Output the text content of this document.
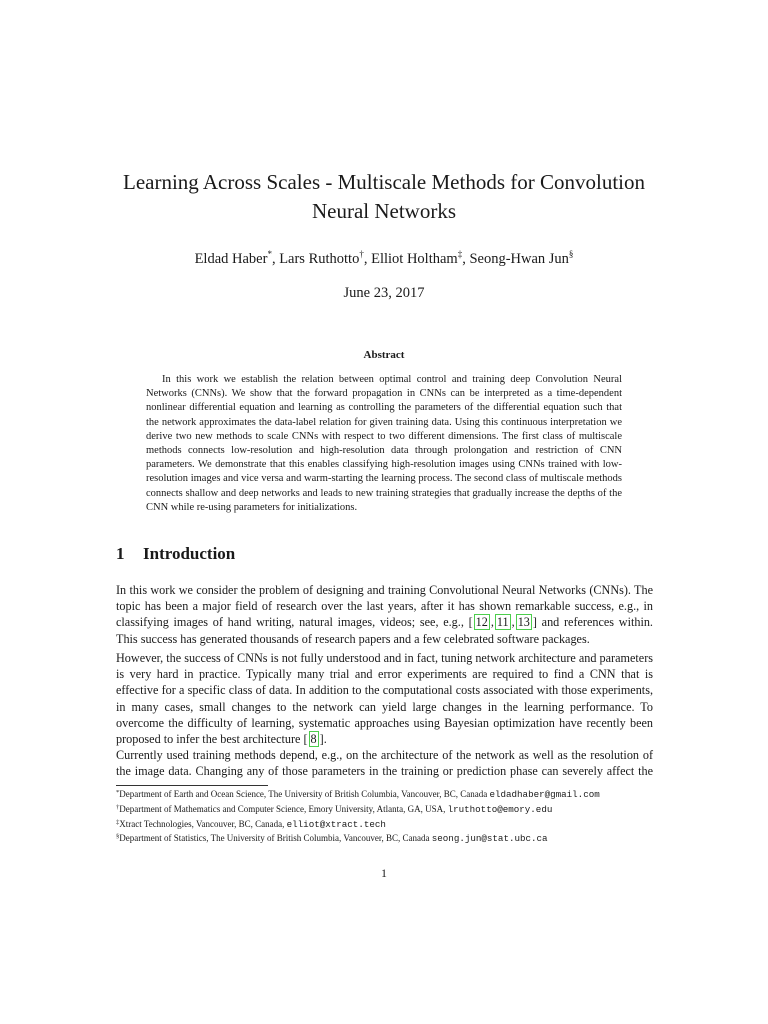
Learning Across Scales - Multiscale Methods for Convolution Neural Networks
Eldad Haber*, Lars Ruthotto†, Elliot Holtham‡, Seong-Hwan Jun§
June 23, 2017
Abstract
In this work we establish the relation between optimal control and training deep Convolution Neural Networks (CNNs). We show that the forward propagation in CNNs can be interpreted as a time-dependent nonlinear differential equation and learning as controlling the parameters of the differential equation such that the network approximates the data-label relation for given training data. Using this continuous interpretation we derive two new methods to scale CNNs with respect to two different dimensions. The first class of multiscale methods connects low-resolution and high-resolution data through prolongation and restriction of CNN parameters. We demonstrate that this enables classifying high-resolution images using CNNs trained with low-resolution images and vice versa and warm-starting the learning process. The second class of multiscale methods connects shallow and deep networks and leads to new training strategies that gradually increase the depths of the CNN while re-using parameters for initializations.
1 Introduction
In this work we consider the problem of designing and training Convolutional Neural Networks (CNNs). The topic has been a major field of research over the last years, after it has shown remarkable success, e.g., in classifying images of hand writing, natural images, videos; see, e.g., [ 12 , 11 , 13 ] and references within. This success has generated thousands of research papers and a few celebrated software packages.
However, the success of CNNs is not fully understood and in fact, tuning network architecture and parameters is very hard in practice. Typically many trial and error experiments are required to find a CNN that is effective for a specific class of data. In addition to the computational costs associated with those experiments, in many cases, small changes to the network can yield large changes in the learning performance. To overcome the difficulty of learning, systematic approaches using Bayesian optimization have recently been proposed to infer the best architecture [ 8 ].
Currently used training methods depend, e.g., on the architecture of the network as well as the resolution of
the image data. Changing any of those parameters in the training or prediction phase can severely affect the
*Department of Earth and Ocean Science, The University of British Columbia, Vancouver, BC, Canada eldadhaber@gmail.com
†Department of Mathematics and Computer Science, Emory University, Atlanta, GA, USA, lruthotto@emory.edu
‡Xtract Technologies, Vancouver, BC, Canada, elliot@xtract.tech
§Department of Statistics, The University of British Columbia, Vancouver, BC, Canada seong.jun@stat.ubc.ca
1
